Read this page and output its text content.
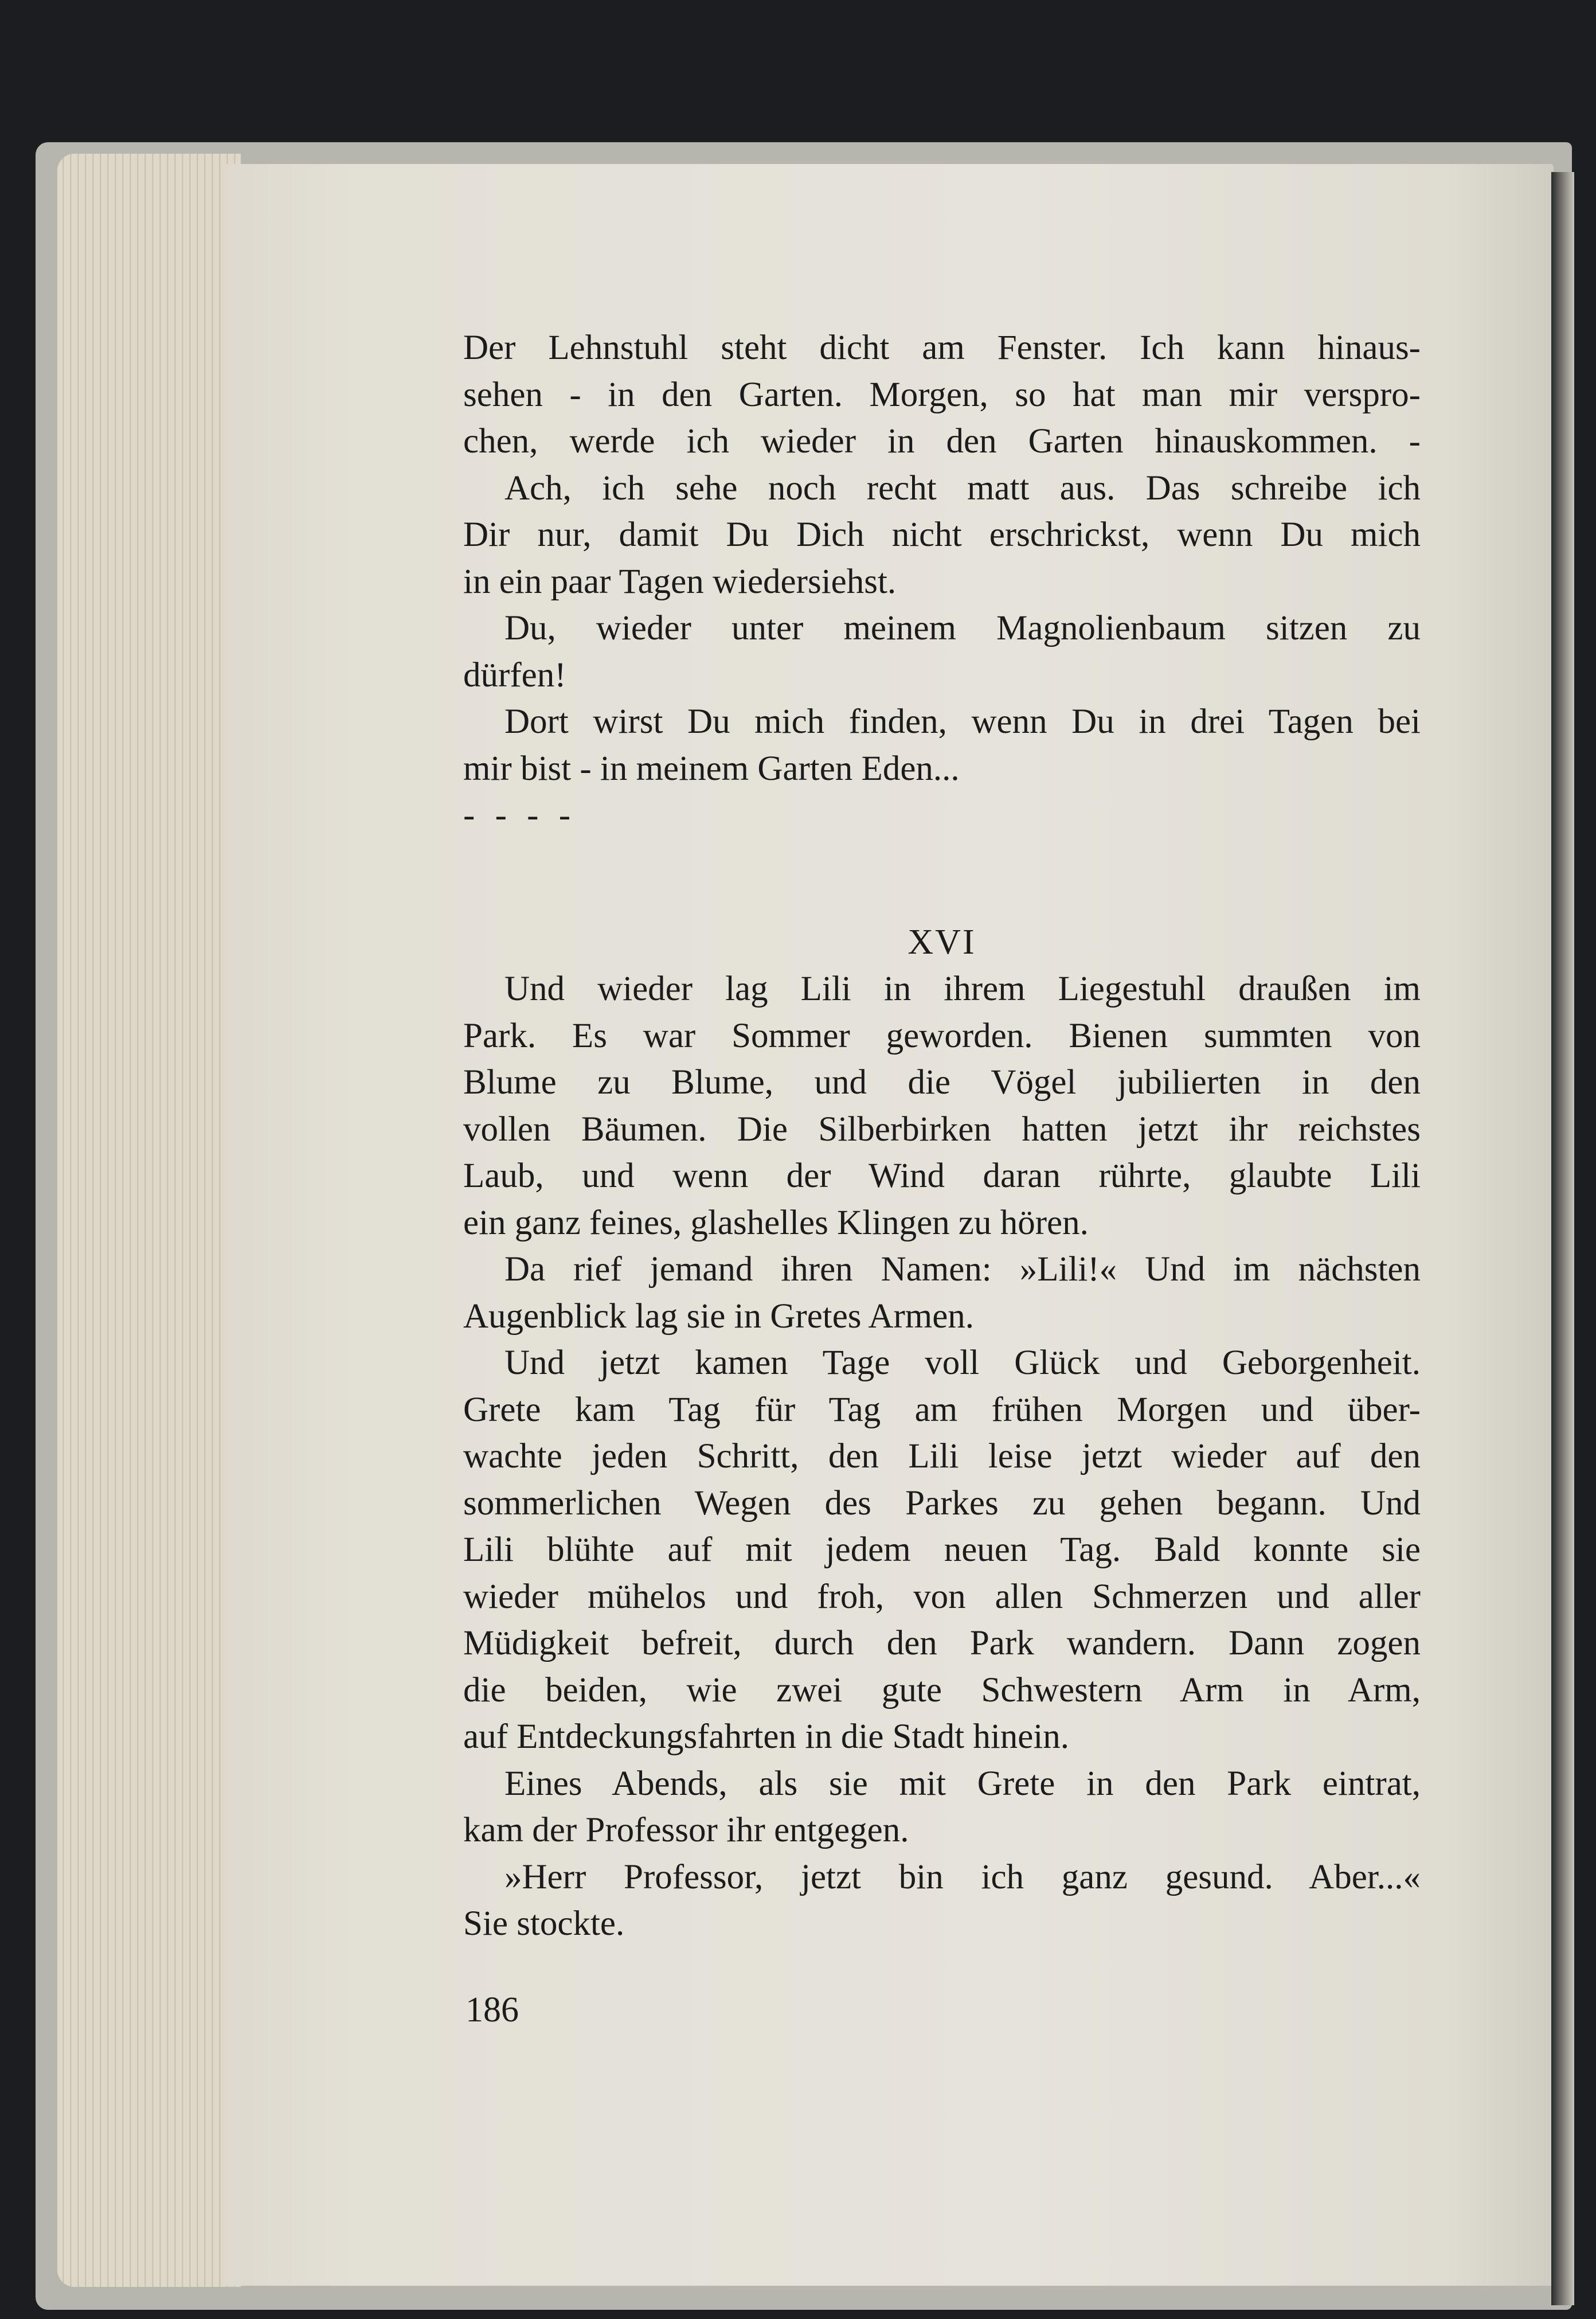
Der Lehnstuhl steht dicht am Fenster. Ich kann hinaus-

sehen - in den Garten. Morgen, so hat man mir verspro-

chen, werde ich wieder in den Garten hinauskommen. -

Ach, ich sehe noch recht matt aus. Das schreibe ich

Dir nur, damit Du Dich nicht erschrickst, wenn Du mich

in ein paar Tagen wiedersiehst.

Du, wieder unter meinem Magnolienbaum sitzen zu

dürfen!

Dort wirst Du mich finden, wenn Du in drei Tagen bei

mir bist - in meinem Garten Eden...

- - - -

XVI

Und wieder lag Lili in ihrem Liegestuhl draußen im

Park. Es war Sommer geworden. Bienen summten von

Blume zu Blume, und die Vögel jubilierten in den

vollen Bäumen. Die Silberbirken hatten jetzt ihr reichstes

Laub, und wenn der Wind daran rührte, glaubte Lili

ein ganz feines, glashelles Klingen zu hören.

Da rief jemand ihren Namen: »Lili!« Und im nächsten

Augenblick lag sie in Gretes Armen.

Und jetzt kamen Tage voll Glück und Geborgenheit.

Grete kam Tag für Tag am frühen Morgen und über-

wachte jeden Schritt, den Lili leise jetzt wieder auf den

sommerlichen Wegen des Parkes zu gehen begann. Und

Lili blühte auf mit jedem neuen Tag. Bald konnte sie

wieder mühelos und froh, von allen Schmerzen und aller

Müdigkeit befreit, durch den Park wandern. Dann zogen

die beiden, wie zwei gute Schwestern Arm in Arm,

auf Entdeckungsfahrten in die Stadt hinein.

Eines Abends, als sie mit Grete in den Park eintrat,

kam der Professor ihr entgegen.

»Herr Professor, jetzt bin ich ganz gesund. Aber...«

Sie stockte.

186
